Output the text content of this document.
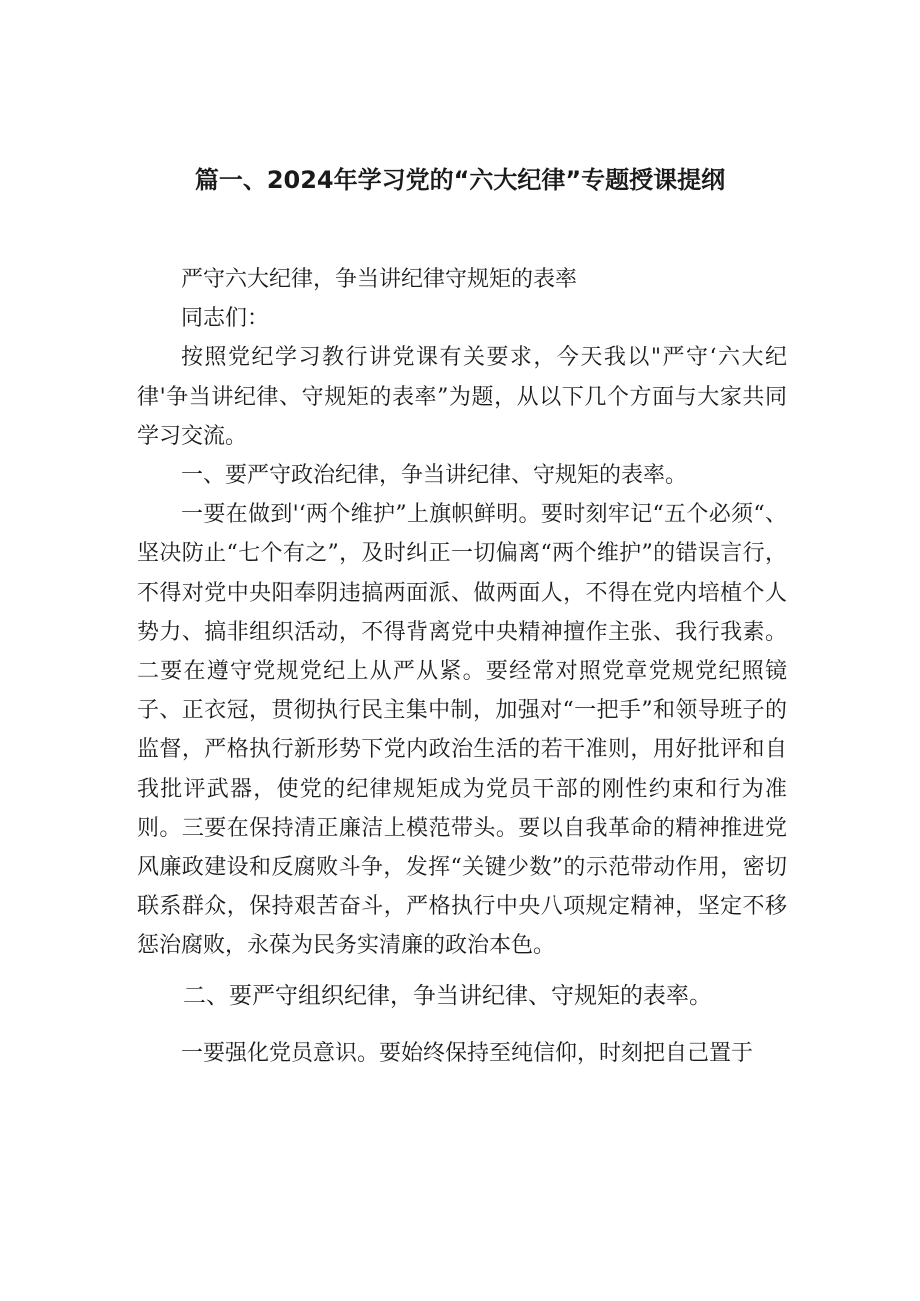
篇一、2024年学习党的“六大纪律”专题授课提纲

严守六大纪律，争当讲纪律守规矩的表率

同志们：

按照党纪学习教行讲党课有关要求，今天我以"严守‘六大纪律'争当讲纪律、守规矩的表率”为题，从以下几个方面与大家共同学习交流。

一、要严守政治纪律，争当讲纪律、守规矩的表率。

一要在做到'‘两个维护”上旗帜鲜明。要时刻牢记“五个必须“、坚决防止“七个有之”，及时纠正一切偏离“两个维护”的错误言行，不得对党中央阳奉阴违搞两面派、做两面人，不得在党内培植个人势力、搞非组织活动，不得背离党中央精神擅作主张、我行我素。二要在遵守党规党纪上从严从紧。要经常对照党章党规党纪照镜子、正衣冠，贯彻执行民主集中制，加强对“一把手”和领导班子的监督，严格执行新形势下党内政治生活的若干准则，用好批评和自我批评武器，使党的纪律规矩成为党员干部的刚性约束和行为准则。三要在保持清正廉洁上模范带头。要以自我革命的精神推进党风廉政建设和反腐败斗争，发挥“关键少数”的示范带动作用，密切联系群众，保持艰苦奋斗，严格执行中央八项规定精神，坚定不移惩治腐败，永葆为民务实清廉的政治本色。

二、要严守组织纪律，争当讲纪律、守规矩的表率。

一要强化党员意识。要始终保持至纯信仰，时刻把自己置于
